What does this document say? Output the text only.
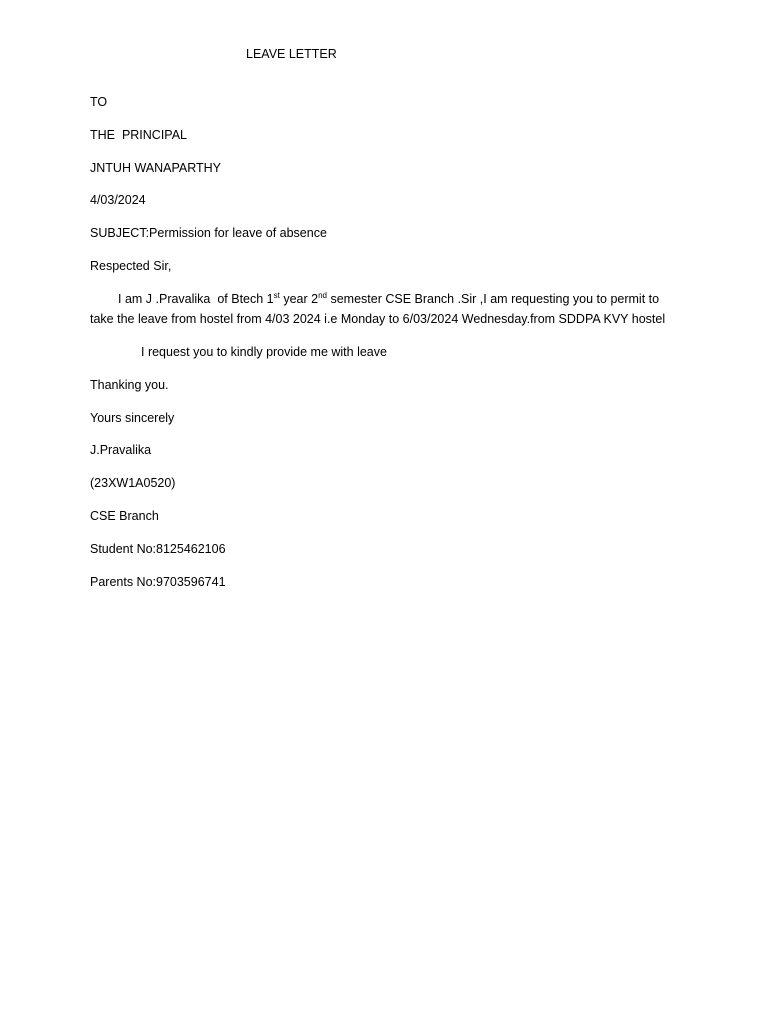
LEAVE LETTER
TO
THE  PRINCIPAL
JNTUH WANAPARTHY
4/03/2024
SUBJECT:Permission for leave of absence
Respected Sir,
I am J .Pravalika  of Btech 1st year 2nd semester CSE Branch .Sir ,I am requesting you to permit to
take the leave from hostel from 4/03 2024 i.e Monday to 6/03/2024 Wednesday.from SDDPA KVY hostel
I request you to kindly provide me with leave
Thanking you.
Yours sincerely
J.Pravalika
(23XW1A0520)
CSE Branch
Student No:8125462106
Parents No:9703596741
